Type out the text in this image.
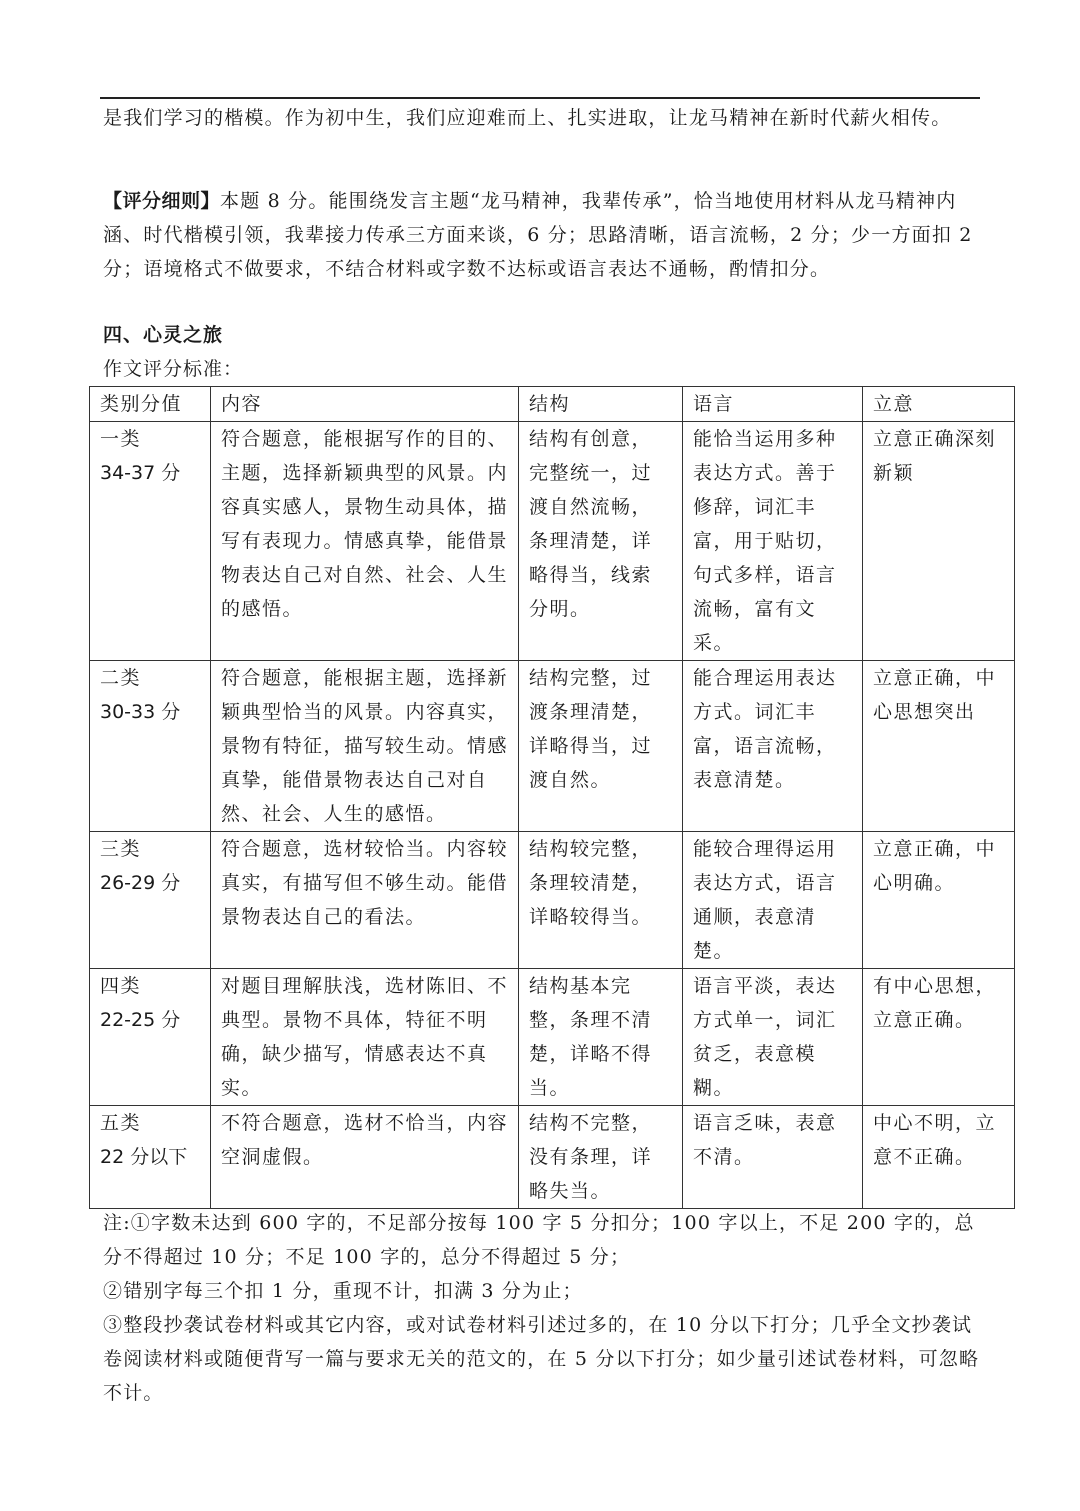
是我们学习的楷模。作为初中生，我们应迎难而上、扎实进取，让龙马精神在新时代薪火相传。

【评分细则】本题 8 分。能围绕发言主题“龙马精神，我辈传承”，恰当地使用材料从龙马精神内涵、时代楷模引领，我辈接力传承三方面来谈，6 分；思路清晰，语言流畅，2 分；少一方面扣 2 分；语境格式不做要求，不结合材料或字数不达标或语言表达不通畅，酌情扣分。

四、心灵之旅
作文评分标准：
类别分值	内容	结构	语言	立意

一类
34-37 分	符合题意，能根据写作的目的、主题，选择新颖典型的风景。内容真实感人，景物生动具体，描写有表现力。情感真挚，能借景物表达自己对自然、社会、人生的感悟。	结构有创意，完整统一，过渡自然流畅，条理清楚，详略得当，线索分明。	能恰当运用多种表达方式。善于修辞，词汇丰富，用于贴切，句式多样，语言流畅，富有文采。	立意正确深刻新颖

二类
30-33 分	符合题意，能根据主题，选择新颖典型恰当的风景。内容真实，景物有特征，描写较生动。情感真挚，能借景物表达自己对自然、社会、人生的感悟。	结构完整，过渡条理清楚，详略得当，过渡自然。	能合理运用表达方式。词汇丰富，语言流畅，表意清楚。	立意正确，中心思想突出

三类
26-29 分	符合题意，选材较恰当。内容较真实，有描写但不够生动。能借景物表达自己的看法。	结构较完整，条理较清楚，详略较得当。	能较合理得运用表达方式，语言通顺，表意清楚。	立意正确，中心明确。

四类
22-25 分	对题目理解肤浅，选材陈旧、不典型。景物不具体，特征不明确，缺少描写，情感表达不真实。	结构基本完整，条理不清楚，详略不得当。	语言平淡，表达方式单一，词汇贫乏，表意模糊。	有中心思想，立意正确。

五类
22 分以下	不符合题意，选材不恰当，内容空洞虚假。	结构不完整，没有条理，详略失当。	语言乏味，表意不清。	中心不明，立意不正确。

注:①字数未达到 600 字的，不足部分按每 100 字 5 分扣分；100 字以上，不足 200 字的，总分不得超过 10 分；不足 100 字的，总分不得超过 5 分；

②错别字每三个扣 1 分，重现不计，扣满 3 分为止；

③整段抄袭试卷材料或其它内容，或对试卷材料引述过多的，在 10 分以下打分；几乎全文抄袭试卷阅读材料或随便背写一篇与要求无关的范文的，在 5 分以下打分；如少量引述试卷材料，可忽略不计。
